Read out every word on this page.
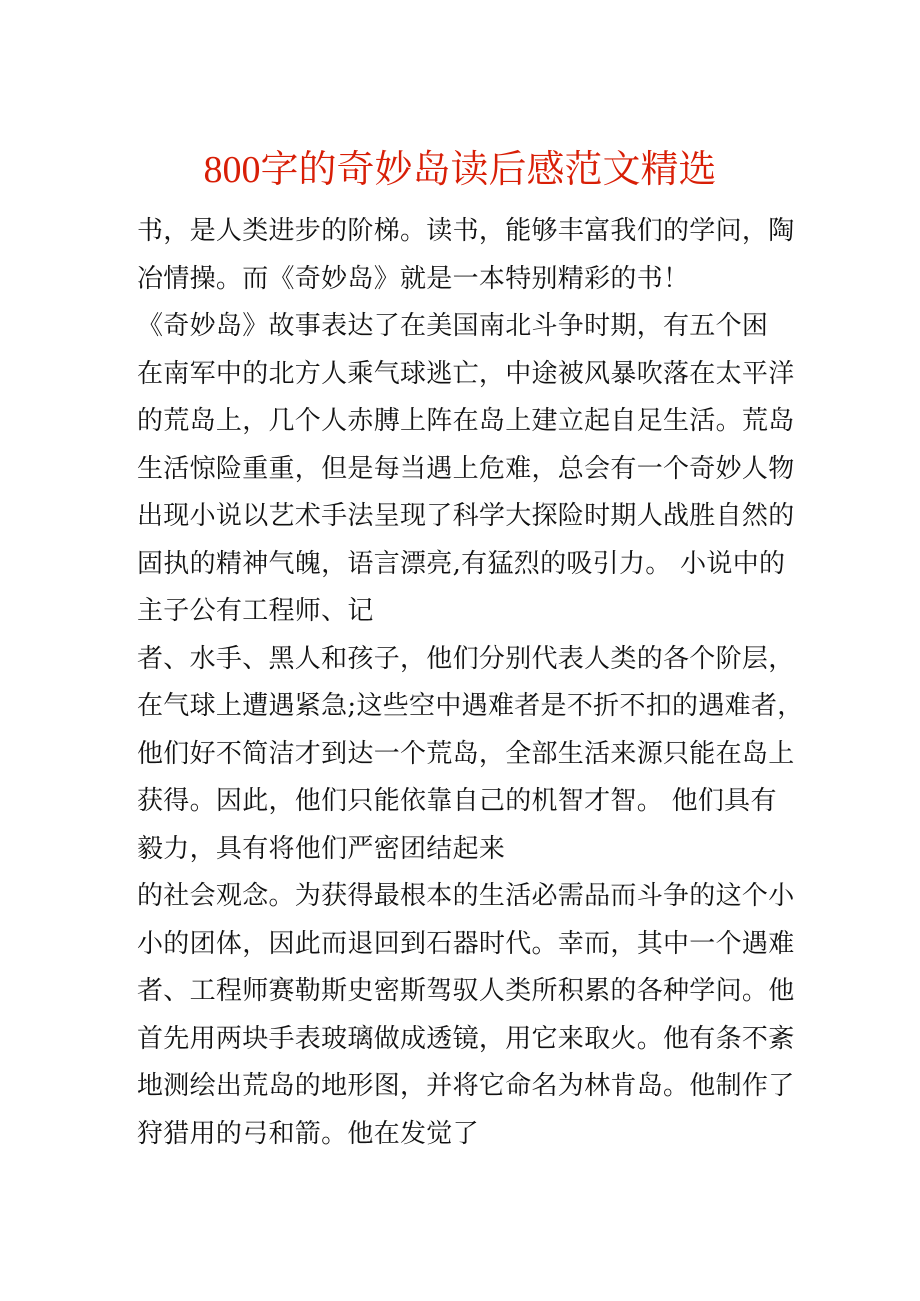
800字的奇妙岛读后感范文精选
书，是人类进步的阶梯。读书，能够丰富我们的学问，陶
冶情操。而《奇妙岛》就是一本特别精彩的书！
《奇妙岛》故事表达了在美国南北斗争时期，有五个困
在南军中的北方人乘气球逃亡，中途被风暴吹落在太平洋
的荒岛上，几个人赤膊上阵在岛上建立起自足生活。荒岛
生活惊险重重，但是每当遇上危难，总会有一个奇妙人物
出现小说以艺术手法呈现了科学大探险时期人战胜自然的
固执的精神气魄，语言漂亮,有猛烈的吸引力。 小说中的
主子公有工程师、记
者、水手、黑人和孩子，他们分别代表人类的各个阶层，
在气球上遭遇紧急;这些空中遇难者是不折不扣的遇难者，
他们好不简洁才到达一个荒岛，全部生活来源只能在岛上
获得。因此，他们只能依靠自己的机智才智。 他们具有
毅力，具有将他们严密团结起来
的社会观念。为获得最根本的生活必需品而斗争的这个小
小的团体，因此而退回到石器时代。幸而，其中一个遇难
者、工程师赛勒斯史密斯驾驭人类所积累的各种学问。他
首先用两块手表玻璃做成透镜，用它来取火。他有条不紊
地测绘出荒岛的地形图，并将它命名为林肯岛。他制作了
狩猎用的弓和箭。他在发觉了
